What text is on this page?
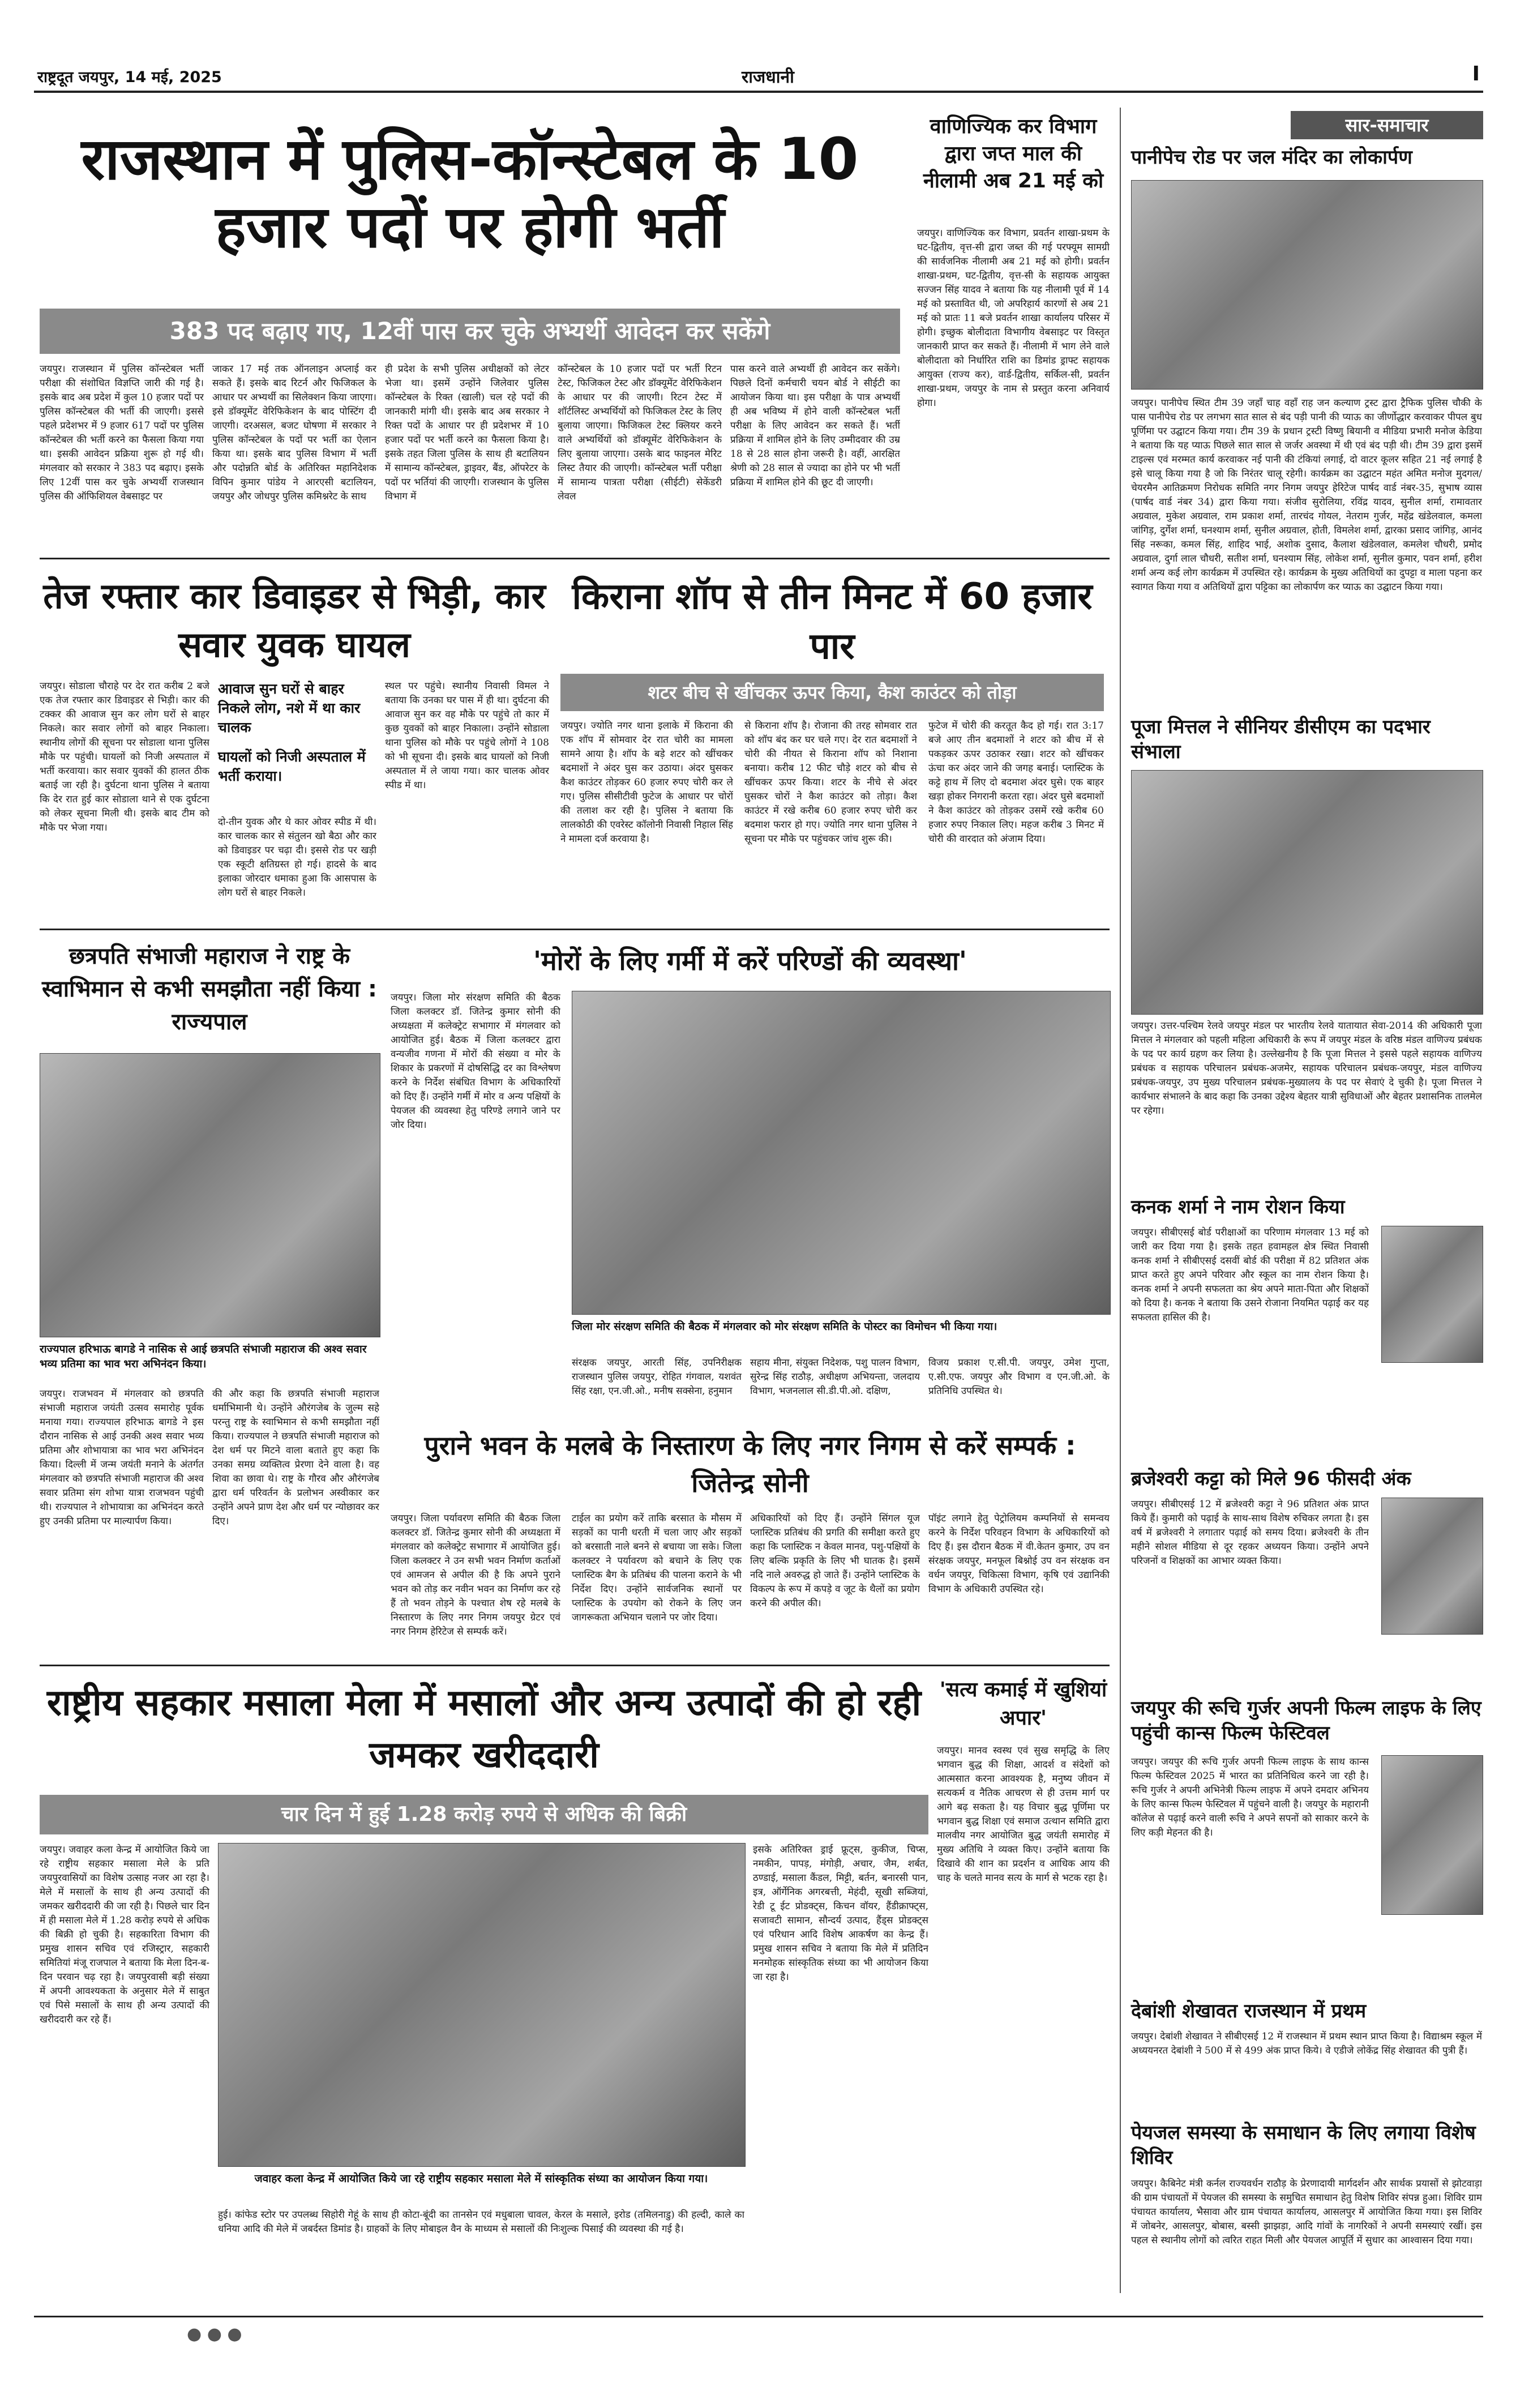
राष्ट्रदूत जयपुर, 14 मई, 2025	राजधानी	I
राजस्थान में पुलिस-कॉन्स्टेबल के 10 हजार पदों पर होगी भर्ती
383 पद बढ़ाए गए, 12वीं पास कर चुके अभ्यर्थी आवेदन कर सकेंगे
जयपुर। राजस्थान में पुलिस कॉन्स्टेबल भर्ती परीक्षा की संशोधित विज्ञप्ति जारी की गई है। इसके बाद अब प्रदेश में कुल 10 हजार पदों पर पुलिस कॉन्स्टेबल की भर्ती की जाएगी। इससे पहले प्रदेशभर में 9 हजार 617 पदों पर पुलिस कॉन्स्टेबल की भर्ती करने का फैसला किया गया था। इसकी आवेदन प्रक्रिया शुरू हो गई थी। मंगलवार को सरकार ने 383 पद बढ़ाए। इसके लिए 12वीं पास कर चुके अभ्यर्थी राजस्थान पुलिस की ऑफिशियल वेबसाइट पर
जाकर 17 मई तक ऑनलाइन अप्लाई कर सकते हैं। इसके बाद रिटर्न और फिजिकल के आधार पर अभ्यर्थी का सिलेक्शन किया जाएगा। इसे डॉक्यूमेंट वेरिफिकेशन के बाद पोस्टिंग दी जाएगी। दरअसल, बजट घोषणा में सरकार ने पुलिस कॉन्स्टेबल के पदों पर भर्ती का ऐलान किया था। इसके बाद पुलिस विभाग में भर्ती और पदोन्नति बोर्ड के अतिरिक्त महानिदेशक विपिन कुमार पांडेय ने आरएसी बटालियन, जयपुर और जोधपुर पुलिस कमिश्नरेट के साथ
ही प्रदेश के सभी पुलिस अधीक्षकों को लेटर भेजा था। इसमें उन्होंने जिलेवार पुलिस कॉन्स्टेबल के रिक्त (खाली) चल रहे पदों की जानकारी मांगी थी। इसके बाद अब सरकार ने रिक्त पदों के आधार पर ही प्रदेशभर में 10 हजार पदों पर भर्ती करने का फैसला किया है। इसके तहत जिला पुलिस के साथ ही बटालियन में सामान्य कॉन्स्टेबल, ड्राइवर, बैंड, ऑपरेटर के पदों पर भर्तियां की जाएगी। राजस्थान के पुलिस विभाग में
कॉन्स्टेबल के 10 हजार पदों पर भर्ती रिटन टेस्ट, फिजिकल टेस्ट और डॉक्यूमेंट वेरिफिकेशन के आधार पर की जाएगी। रिटन टेस्ट में शॉर्टलिस्ट अभ्यर्थियों को फिजिकल टेस्ट के लिए बुलाया जाएगा। फिजिकल टेस्ट क्लियर करने वाले अभ्यर्थियों को डॉक्यूमेंट वेरिफिकेशन के लिए बुलाया जाएगा। उसके बाद फाइनल मेरिट लिस्ट तैयार की जाएगी। कॉन्स्टेबल भर्ती परीक्षा में सामान्य पात्रता परीक्षा (सीईटी) सेकेंडरी लेवल
पास करने वाले अभ्यर्थी ही आवेदन कर सकेंगे। पिछले दिनों कर्मचारी चयन बोर्ड ने सीईटी का आयोजन किया था। इस परीक्षा के पात्र अभ्यर्थी ही अब भविष्य में होने वाली कॉन्स्टेबल भर्ती परीक्षा के लिए आवेदन कर सकते हैं। भर्ती प्रक्रिया में शामिल होने के लिए उम्मीदवार की उम्र 18 से 28 साल होना जरूरी है। वहीं, आरक्षित श्रेणी को 28 साल से ज्यादा का होने पर भी भर्ती प्रक्रिया में शामिल होने की छूट दी जाएगी।
वाणिज्यिक कर विभाग द्वारा जप्त माल की नीलामी अब 21 मई को
जयपुर। वाणिज्यिक कर विभाग, प्रवर्तन शाखा-प्रथम के घट-द्वितीय, वृत्त-सी द्वारा जब्त की गई परफ्यूम सामग्री की सार्वजनिक नीलामी अब 21 मई को होगी। प्रवर्तन शाखा-प्रथम, घट-द्वितीय, वृत्त-सी के सहायक आयुक्त सज्जन सिंह यादव ने बताया कि यह नीलामी पूर्व में 14 मई को प्रस्तावित थी, जो अपरिहार्य कारणों से अब 21 मई को प्रातः 11 बजे प्रवर्तन शाखा कार्यालय परिसर में होगी। इच्छुक बोलीदाता विभागीय वेबसाइट पर विस्तृत जानकारी प्राप्त कर सकते हैं। नीलामी में भाग लेने वाले बोलीदाता को निर्धारित राशि का डिमांड ड्राफ्ट सहायक आयुक्त (राज्य कर), वार्ड-द्वितीय, सर्किल-सी, प्रवर्तन शाखा-प्रथम, जयपुर के नाम से प्रस्तुत करना अनिवार्य होगा।
सार-समाचार
पानीपेच रोड पर जल मंदिर का लोकार्पण
जयपुर। पानीपेच स्थित टीम 39 जहाँ चाह वहाँ राह जन कल्याण ट्रस्ट द्वारा ट्रैफिक पुलिस चौकी के पास पानीपेच रोड पर लगभग सात साल से बंद पड़ी पानी की प्याऊ का जीर्णोद्धार करवाकर पीपल बुध पूर्णिमा पर उद्घाटन किया गया। टीम 39 के प्रधान ट्रस्टी विष्णु बियानी व मीडिया प्रभारी मनोज केडिया ने बताया कि यह प्याऊ पिछले सात साल से जर्जर अवस्था में थी एवं बंद पड़ी थी। टीम 39 द्वारा इसमें टाइल्स एवं मरम्मत कार्य करवाकर नई पानी की टंकियां लगाई, दो वाटर कूलर सहित 21 नई लगाई है इसे चालू किया गया है जो कि निरंतर चालू रहेगी। कार्यक्रम का उद्घाटन महंत अमित मनोज मुदगल/चेयरमैन आतिक्रमण निरोधक समिति नगर निगम जयपुर हेरिटेज पार्षद वार्ड नंबर-35, सुभाष व्यास (पार्षद वार्ड नंबर 34) द्वारा किया गया। संजीव सुरोलिया, रविंद्र यादव, सुनील शर्मा, रामावतार अग्रवाल, मुकेश अग्रवाल, राम प्रकाश शर्मा, तारचंद गोयल, नेतराम गुर्जर, महेंद्र खंडेलवाल, कमला जांगिड़, दुर्गेश शर्मा, घनश्याम शर्मा, सुनील अग्रवाल, होती, विमलेश शर्मा, द्वारका प्रसाद जांगिड़, आनंद सिंह नरूका, कमल सिंह, शाहिद भाई, अशोक दुसाद, कैलाश खंडेलवाल, कमलेश चौधरी, प्रमोद अग्रवाल, दुर्गा लाल चौधरी, सतीश शर्मा, घनश्याम सिंह, लोकेश शर्मा, सुनील कुमार, पवन शर्मा, हरीश शर्मा अन्य कई लोग कार्यक्रम में उपस्थित रहे। कार्यक्रम के मुख्य अतिथियों का दुपट्टा व माला पहना कर स्वागत किया गया व अतिथियों द्वारा पट्टिका का लोकार्पण कर प्याऊ का उद्घाटन किया गया।
पूजा मित्तल ने सीनियर डीसीएम का पदभार संभाला
जयपुर। उत्तर-पश्चिम रेलवे जयपुर मंडल पर भारतीय रेलवे यातायात सेवा-2014 की अधिकारी पूजा मित्तल ने मंगलवार को पहली महिला अधिकारी के रूप में जयपुर मंडल के वरिष्ठ मंडल वाणिज्य प्रबंधक के पद पर कार्य ग्रहण कर लिया है। उल्लेखनीय है कि पूजा मित्तल ने इससे पहले सहायक वाणिज्य प्रबंधक व सहायक परिचालन प्रबंधक-अजमेर, सहायक परिचालन प्रबंधक-जयपुर, मंडल वाणिज्य प्रबंधक-जयपुर, उप मुख्य परिचालन प्रबंधक-मुख्यालय के पद पर सेवाएं दे चुकी है। पूजा मित्तल ने कार्यभार संभालने के बाद कहा कि उनका उद्देश्य बेहतर यात्री सुविधाओं और बेहतर प्रशासनिक तालमेल पर रहेगा।
कनक शर्मा ने नाम रोशन किया
जयपुर। सीबीएसई बोर्ड परीक्षाओं का परिणाम मंगलवार 13 मई को जारी कर दिया गया है। इसके तहत हवामहल क्षेत्र स्थित निवासी कनक शर्मा ने सीबीएसई दसवीं बोर्ड की परीक्षा में 82 प्रतिशत अंक प्राप्त करते हुए अपने परिवार और स्कूल का नाम रोशन किया है। कनक शर्मा ने अपनी सफलता का श्रेय अपने माता-पिता और शिक्षकों को दिया है। कनक ने बताया कि उसने रोजाना नियमित पढ़ाई कर यह सफलता हासिल की है।
ब्रजेश्वरी कट्टा को मिले 96 फीसदी अंक
जयपुर। सीबीएसई 12 में ब्रजेश्वरी कट्टा ने 96 प्रतिशत अंक प्राप्त किये हैं। कुमारी को पढ़ाई के साथ-साथ विशेष रुचिकर लगता है। इस वर्ष में ब्रजेश्वरी ने लगातार पढ़ाई को समय दिया। ब्रजेश्वरी के तीन महीने सोशल मीडिया से दूर रहकर अध्ययन किया। उन्होंने अपने परिजनों व शिक्षकों का आभार व्यक्त किया।
जयपुर की रूचि गुर्जर अपनी फिल्म लाइफ के लिए पहुंची कान्स फिल्म फेस्टिवल
जयपुर। जयपुर की रूचि गुर्जर अपनी फिल्म लाइफ के साथ कान्स फिल्म फेस्टिवल 2025 में भारत का प्रतिनिधित्व करने जा रही है। रूचि गुर्जर ने अपनी अभिनेत्री फिल्म लाइफ में अपने दमदार अभिनय के लिए कान्स फिल्म फेस्टिवल में पहुंचने वाली है। जयपुर के महारानी कॉलेज से पढ़ाई करने वाली रूचि ने अपने सपनों को साकार करने के लिए कड़ी मेहनत की है।
देबांशी शेखावत राजस्थान में प्रथम
जयपुर। देबांशी शेखावत ने सीबीएसई 12 में राजस्थान में प्रथम स्थान प्राप्त किया है। विद्याश्रम स्कूल में अध्ययनरत देबांशी ने 500 में से 499 अंक प्राप्त किये। वे एडीजे लोकेंद्र सिंह शेखावत की पुत्री हैं।
पेयजल समस्या के समाधान के लिए लगाया विशेष शिविर
जयपुर। कैबिनेट मंत्री कर्नल राज्यवर्धन राठौड़ के प्रेरणादायी मार्गदर्शन और सार्थक प्रयासों से झोटवाड़ा की ग्राम पंचायतों में पेयजल की समस्या के समुचित समाधान हेतु विशेष शिविर संपन्न हुआ। शिविर ग्राम पंचायत कार्यालय, भैसावा और ग्राम पंचायत कार्यालय, आसलपुर में आयोजित किया गया। इस शिविर में जोबनेर, आसलपुर, बोबास, बस्सी झाझड़ा, आदि गांवों के नागरिकों ने अपनी समस्याएं रखीं। इस पहल से स्थानीय लोगों को त्वरित राहत मिली और पेयजल आपूर्ति में सुधार का आश्वासन दिया गया।
तेज रफ्तार कार डिवाइडर से भिड़ी, कार सवार युवक घायल
जयपुर। सोडाला चौराहे पर देर रात करीब 2 बजे एक तेज रफ्तार कार डिवाइडर से भिड़ी। कार की टक्कर की आवाज सुन कर लोग घरों से बाहर निकले। कार सवार लोगों को बाहर निकाला। स्थानीय लोगों की सूचना पर सोडाला थाना पुलिस मौके पर पहुंची। घायलों को निजी अस्पताल में भर्ती करवाया। कार सवार युवकों की हालत ठीक बताई जा रही है। दुर्घटना थाना पुलिस ने बताया कि देर रात हुई कार सोडाला थाने से एक दुर्घटना को लेकर सूचना मिली थी। इसके बाद टीम को मौके पर भेजा गया।
आवाज सुन घरों से बाहर निकले लोग, नशे में था कार चालक
घायलों को निजी अस्पताल में भर्ती कराया।
दो-तीन युवक और थे कार ओवर स्पीड में थी। कार चालक कार से संतुलन खो बैठा और कार को डिवाइडर पर चढ़ा दी। इससे रोड पर खड़ी एक स्कूटी क्षतिग्रस्त हो गई। हादसे के बाद इलाका जोरदार धमाका हुआ कि आसपास के लोग घरों से बाहर निकले।
स्थल पर पहुंचे। स्थानीय निवासी विमल ने बताया कि उनका घर पास में ही था। दुर्घटना की आवाज सुन कर वह मौके पर पहुंचे तो कार में कुछ युवकों को बाहर निकाला। उन्होंने सोडाला थाना पुलिस को मौके पर पहुंचे लोगों ने 108 को भी सूचना दी। इसके बाद घायलों को निजी अस्पताल में ले जाया गया। कार चालक ओवर स्पीड में था।
किराना शॉप से तीन मिनट में 60 हजार पार
शटर बीच से खींचकर ऊपर किया, कैश काउंटर को तोड़ा
जयपुर। ज्योति नगर थाना इलाके में किराना की एक शॉप में सोमवार देर रात चोरी का मामला सामने आया है। शॉप के बड़े शटर को खींचकर बदमाशों ने अंदर घुस कर उठाया। अंदर घुसकर कैश काउंटर तोड़कर 60 हजार रुपए चोरी कर ले गए। पुलिस सीसीटीवी फुटेज के आधार पर चोरों की तलाश कर रही है। पुलिस ने बताया कि लालकोठी की एवरेस्ट कॉलोनी निवासी निहाल सिंह ने मामला दर्ज करवाया है।
से किराना शॉप है। रोजाना की तरह सोमवार रात को शॉप बंद कर घर चले गए। देर रात बदमाशों ने चोरी की नीयत से किराना शॉप को निशाना बनाया। करीब 12 फीट चौड़े शटर को बीच से खींचकर ऊपर किया। शटर के नीचे से अंदर घुसकर चोरों ने कैश काउंटर को तोड़ा। कैश काउंटर में रखे करीब 60 हजार रुपए चोरी कर बदमाश फरार हो गए। ज्योति नगर थाना पुलिस ने सूचना पर मौके पर पहुंचकर जांच शुरू की।
फुटेज में चोरी की करतूत कैद हो गई। रात 3:17 बजे आए तीन बदमाशों ने शटर को बीच में से पकड़कर ऊपर उठाकर रखा। शटर को खींचकर ऊंचा कर अंदर जाने की जगह बनाई। प्लास्टिक के कट्टे हाथ में लिए दो बदमाश अंदर घुसे। एक बाहर खड़ा होकर निगरानी करता रहा। अंदर घुसे बदमाशों ने कैश काउंटर को तोड़कर उसमें रखे करीब 60 हजार रुपए निकाल लिए। महज करीब 3 मिनट में चोरी की वारदात को अंजाम दिया।
छत्रपति संभाजी महाराज ने राष्ट्र के स्वाभिमान से कभी समझौता नहीं किया : राज्यपाल
राज्यपाल हरिभाऊ बागडे ने नासिक से आई छत्रपति संभाजी महाराज की अश्व सवार भव्य प्रतिमा का भाव भरा अभिनंदन किया।
जयपुर। राजभवन में मंगलवार को छत्रपति संभाजी महाराज जयंती उत्सव समारोह पूर्वक मनाया गया। राज्यपाल हरिभाऊ बागडे ने इस दौरान नासिक से आई उनकी अश्व सवार भव्य प्रतिमा और शोभायात्रा का भाव भरा अभिनंदन किया। दिल्ली में जन्म जयंती मनाने के अंतर्गत मंगलवार को छत्रपति संभाजी महाराज की अश्व सवार प्रतिमा संग शोभा यात्रा राजभवन पहुंची थी। राज्यपाल ने शोभायात्रा का अभिनंदन करते हुए उनकी प्रतिमा पर माल्यार्पण किया।
की और कहा कि छत्रपति संभाजी महाराज धर्माभिमानी थे। उन्होंने औरंगजेब के जुल्म सहे परन्तु राष्ट्र के स्वाभिमान से कभी समझौता नहीं किया। राज्यपाल ने छत्रपति संभाजी महाराज को देश धर्म पर मिटने वाला बताते हुए कहा कि उनका समग्र व्यक्तित्व प्रेरणा देने वाला है। वह शिवा का छावा थे। राष्ट्र के गौरव और औरंगजेब द्वारा धर्म परिवर्तन के प्रलोभन अस्वीकार कर उन्होंने अपने प्राण देश और धर्म पर न्योछावर कर दिए।
'मोरों के लिए गर्मी में करें परिण्डों की व्यवस्था'
जयपुर। जिला मोर संरक्षण समिति की बैठक जिला कलक्टर डॉ. जितेन्द्र कुमार सोनी की अध्यक्षता में कलेक्ट्रेट सभागार में मंगलवार को आयोजित हुई। बैठक में जिला कलक्टर द्वारा वन्यजीव गणना में मोरों की संख्या व मोर के शिकार के प्रकरणों में दोषसिद्धि दर का विश्लेषण करने के निर्देश संबंधित विभाग के अधिकारियों को दिए हैं। उन्होंने गर्मी में मोर व अन्य पक्षियों के पेयजल की व्यवस्था हेतु परिण्डे लगाने जाने पर जोर दिया।
जिला मोर संरक्षण समिति की बैठक में मंगलवार को मोर संरक्षण समिति के पोस्टर का विमोचन भी किया गया।
संरक्षक जयपुर, आरती सिंह, उपनिरीक्षक राजस्थान पुलिस जयपुर, रोहित गंगवाल, यशवंत सिंह रक्षा, एन.जी.ओ., मनीष सक्सेना, हनुमान
सहाय मीना, संयुक्त निदेशक, पशु पालन विभाग, सुरेन्द्र सिंह राठौड़, अधीक्षण अभियन्ता, जलदाय विभाग, भजनलाल सी.डी.पी.ओ. दक्षिण,
विजय प्रकाश ए.सी.पी. जयपुर, उमेश गुप्ता, ए.सी.एफ. जयपुर और विभाग व एन.जी.ओ. के प्रतिनिधि उपस्थित थे।
पुराने भवन के मलबे के निस्तारण के लिए नगर निगम से करें सम्पर्क : जितेन्द्र सोनी
जयपुर। जिला पर्यावरण समिति की बैठक जिला कलक्टर डॉ. जितेन्द्र कुमार सोनी की अध्यक्षता में मंगलवार को कलेक्ट्रेट सभागार में आयोजित हुई। जिला कलक्टर ने उन सभी भवन निर्माण कर्ताओं एवं आमजन से अपील की है कि अपने पुराने भवन को तोड़ कर नवीन भवन का निर्माण कर रहे हैं तो भवन तोड़ने के पश्चात शेष रहे मलबे के निस्तारण के लिए नगर निगम जयपुर ग्रेटर एवं नगर निगम हेरिटेज से सम्पर्क करें।
टाईल का प्रयोग करें ताकि बरसात के मौसम में सड़कों का पानी धरती में चला जाए और सड़कों को बरसाती नाले बनने से बचाया जा सके। जिला कलक्टर ने पर्यावरण को बचाने के लिए एक प्लास्टिक बैग के प्रतिबंध की पालना कराने के भी निर्देश दिए। उन्होंने सार्वजनिक स्थानों पर प्लास्टिक के उपयोग को रोकने के लिए जन जागरूकता अभियान चलाने पर जोर दिया।
अधिकारियों को दिए हैं। उन्होंने सिंगल यूज प्लास्टिक प्रतिबंध की प्रगति की समीक्षा करते हुए कहा कि प्लास्टिक न केवल मानव, पशु-पक्षियों के लिए बल्कि प्रकृति के लिए भी घातक है। इसमें नदि नाले अवरुद्ध हो जाते हैं। उन्होंने प्लास्टिक के विकल्प के रूप में कपड़े व जूट के थैलों का प्रयोग करने की अपील की।
पॉइंट लगाने हेतु पेट्रोलियम कम्पनियों से समन्वय करने के निर्देश परिवहन विभाग के अधिकारियों को दिए हैं। इस दौरान बैठक में वी.केतन कुमार, उप वन संरक्षक जयपुर, मनफूल बिश्नोई उप वन संरक्षक वन वर्धन जयपुर, चिकित्सा विभाग, कृषि एवं उद्यानिकी विभाग के अधिकारी उपस्थित रहे।
राष्ट्रीय सहकार मसाला मेला में मसालों और अन्य उत्पादों की हो रही जमकर खरीददारी
चार दिन में हुई 1.28 करोड़ रुपये से अधिक की बिक्री
जयपुर। जवाहर कला केन्द्र में आयोजित किये जा रहे राष्ट्रीय सहकार मसाला मेले के प्रति जयपुरवासियों का विशेष उत्साह नजर आ रहा है। मेले में मसालों के साथ ही अन्य उत्पादों की जमकर खरीददारी की जा रही है। पिछले चार दिन में ही मसाला मेले में 1.28 करोड़ रुपये से अधिक की बिक्री हो चुकी है। सहकारिता विभाग की प्रमुख शासन सचिव एवं रजिस्ट्रार, सहकारी समितियां मंजू राजपाल ने बताया कि मेला दिन-ब-दिन परवान चढ़ रहा है। जयपुरवासी बड़ी संख्या में अपनी आवश्यकता के अनुसार मेले में साबुत एवं पिसे मसालों के साथ ही अन्य उत्पादों की खरीददारी कर रहे हैं।
जवाहर कला केन्द्र में आयोजित किये जा रहे राष्ट्रीय सहकार मसाला मेले में सांस्कृतिक संध्या का आयोजन किया गया।
हुई। कांफेड स्टोर पर उपलब्ध सिहोरी गेहूं के साथ ही कोटा-बूंदी का तानसेन एवं मधुबाला चावल, केरल के मसाले, इरोड (तमिलनाडु) की हल्दी, काले का धनिया आदि की मेले में जबर्दस्त डिमांड है। ग्राहकों के लिए मोबाइल वैन के माध्यम से मसालों की निःशुल्क पिसाई की व्यवस्था की गई है।
इसके अतिरिक्त ड्राई फ्रूट्स, कुकीज, चिप्स, नमकीन, पापड़, मंगोड़ी, अचार, जैम, शर्बत, ठण्डाई, मसाला कैंडल, मिट्टी, बर्तन, बनारसी पान, इत्र, ऑर्गेनिक अगरबत्ती, मेहंदी, सूखी सब्जियां, रेडी टू ईट प्रोडक्ट्स, किचन वॉयर, हैंडीक्राफ्ट्स, सजावटी सामान, सौन्दर्य उत्पाद, हैंड्स प्रोडक्ट्स एवं परिधान आदि विशेष आकर्षण का केन्द्र हैं। प्रमुख शासन सचिव ने बताया कि मेले में प्रतिदिन मनमोहक सांस्कृतिक संध्या का भी आयोजन किया जा रहा है।
'सत्य कमाई में खुशियां अपार'
जयपुर। मानव स्वस्थ एवं सुख समृद्धि के लिए भगवान बुद्ध की शिक्षा, आदर्श व संदेशों को आत्मसात करना आवश्यक है, मनुष्य जीवन में सत्यकर्म व नैतिक आचरण से ही उत्तम मार्ग पर आगे बढ़ सकता है। यह विचार बुद्ध पूर्णिमा पर भगवान बुद्ध शिक्षा एवं समाज उत्थान समिति द्वारा मालवीय नगर आयोजित बुद्ध जयंती समारोह में मुख्य अतिथि ने व्यक्त किए। उन्होंने बताया कि दिखावे की शान का प्रदर्शन व आधिक आय की चाह के चलते मानव सत्य के मार्ग से भटक रहा है।
● ● ●
